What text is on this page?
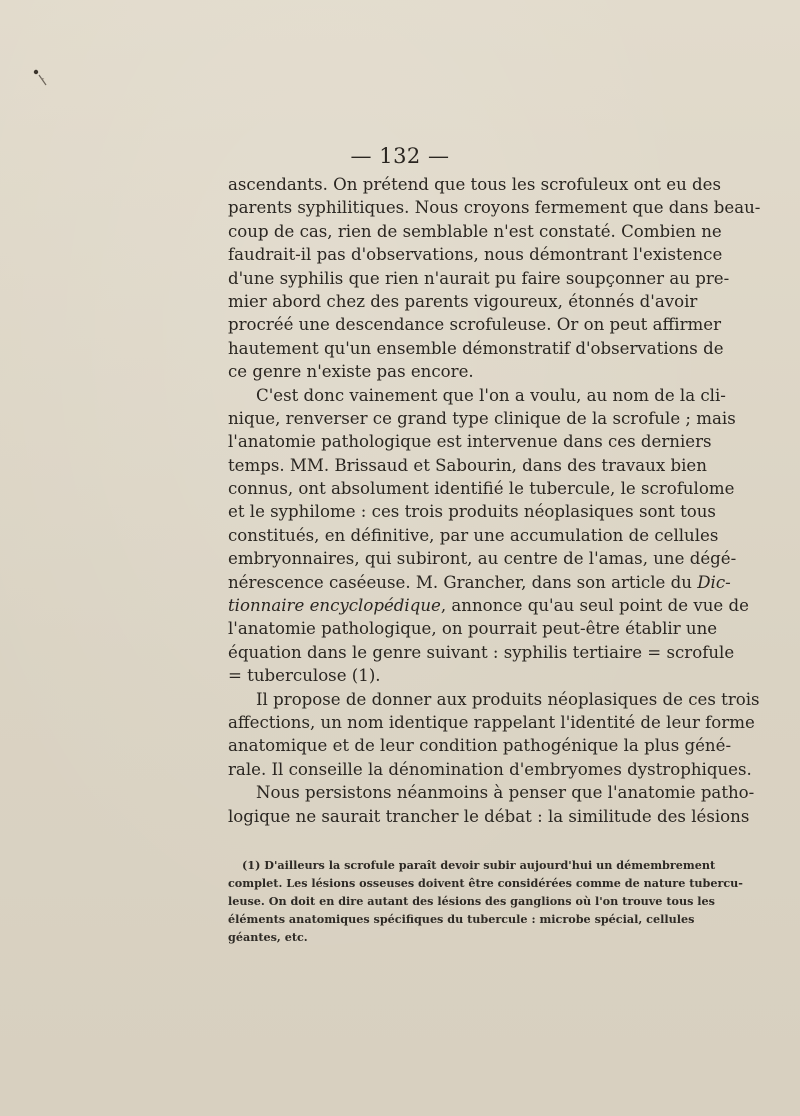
— 132 —
ascendants. On prétend que tous les scrofuleux ont eu des
parents syphilitiques. Nous croyons fermement que dans beau-
coup de cas, rien de semblable n'est constaté. Combien ne
faudrait-il pas d'observations, nous démontrant l'existence
d'une syphilis que rien n'aurait pu faire soupçonner au pre-
mier abord chez des parents vigoureux, étonnés d'avoir
procréé une descendance scrofuleuse. Or on peut affirmer
hautement qu'un ensemble démonstratif d'observations de
ce genre n'existe pas encore.
C'est donc vainement que l'on a voulu, au nom de la cli-
nique, renverser ce grand type clinique de la scrofule ; mais
l'anatomie pathologique est intervenue dans ces derniers
temps. MM. Brissaud et Sabourin, dans des travaux bien
connus, ont absolument identifié le tubercule, le scrofulome
et le syphilome : ces trois produits néoplasiques sont tous
constitués, en définitive, par une accumulation de cellules
embryonnaires, qui subiront, au centre de l'amas, une dégé-
nérescence caséeuse. M. Grancher, dans son article du Dic-
tionnaire encyclopédique, annonce qu'au seul point de vue de
l'anatomie pathologique, on pourrait peut-être établir une
équation dans le genre suivant : syphilis tertiaire = scrofule
= tuberculose (1).
Il propose de donner aux produits néoplasiques de ces trois
affections, un nom identique rappelant l'identité de leur forme
anatomique et de leur condition pathogénique la plus géné-
rale. Il conseille la dénomination d'embryomes dystrophiques.
Nous persistons néanmoins à penser que l'anatomie patho-
logique ne saurait trancher le débat : la similitude des lésions
(1) D'ailleurs la scrofule paraît devoir subir aujourd'hui un démembrement
complet. Les lésions osseuses doivent être considérées comme de nature tubercu-
leuse. On doit en dire autant des lésions des ganglions où l'on trouve tous les
éléments anatomiques spécifiques du tubercule : microbe spécial, cellules
géantes, etc.
